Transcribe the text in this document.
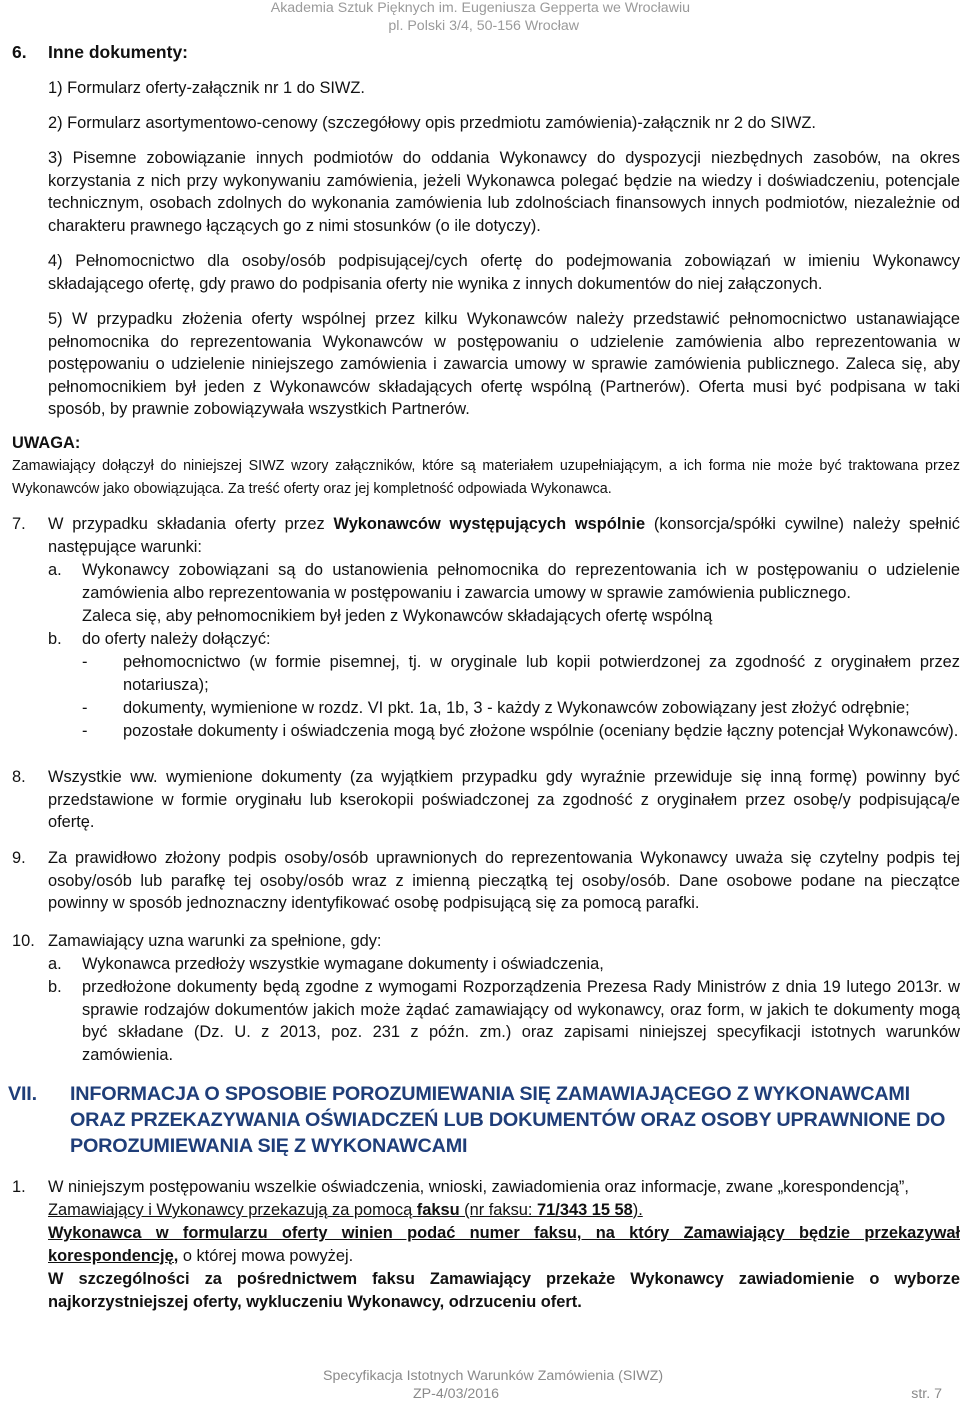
Akademia Sztuk Pięknych im. Eugeniusza Gepperta we Wrocławiu
pl. Polski 3/4, 50-156 Wrocław
6. Inne dokumenty:
1) Formularz oferty-załącznik nr 1 do SIWZ.
2) Formularz asortymentowo-cenowy (szczegółowy opis przedmiotu zamówienia)-załącznik nr 2 do SIWZ.
3) Pisemne zobowiązanie innych podmiotów do oddania Wykonawcy do dyspozycji niezbędnych zasobów, na okres korzystania z nich przy wykonywaniu zamówienia, jeżeli Wykonawca polegać będzie na wiedzy i doświadczeniu, potencjale technicznym, osobach zdolnych do wykonania zamówienia lub zdolnościach finansowych innych podmiotów, niezależnie od charakteru prawnego łączących go z nimi stosunków (o ile dotyczy).
4) Pełnomocnictwo dla osoby/osób podpisującej/cych ofertę do podejmowania zobowiązań w imieniu Wykonawcy składającego ofertę, gdy prawo do podpisania oferty nie wynika z innych dokumentów do niej załączonych.
5) W przypadku złożenia oferty wspólnej przez kilku Wykonawców należy przedstawić pełnomocnictwo ustanawiające pełnomocnika do reprezentowania Wykonawców w postępowaniu o udzielenie zamówienia albo reprezentowania w postępowaniu o udzielenie niniejszego zamówienia i zawarcia umowy w sprawie zamówienia publicznego. Zaleca się, aby pełnomocnikiem był jeden z Wykonawców składających ofertę wspólną (Partnerów). Oferta musi być podpisana w taki sposób, by prawnie zobowiązywała wszystkich Partnerów.
UWAGA:
Zamawiający dołączył do niniejszej SIWZ wzory załączników, które są materiałem uzupełniającym, a ich forma nie może być traktowana przez Wykonawców jako obowiązująca. Za treść oferty oraz jej kompletność odpowiada Wykonawca.
7. W przypadku składania oferty przez Wykonawców występujących wspólnie (konsorcja/spółki cywilne) należy spełnić następujące warunki:
a. Wykonawcy zobowiązani są do ustanowienia pełnomocnika do reprezentowania ich w postępowaniu o udzielenie zamówienia albo reprezentowania w postępowaniu i zawarcia umowy w sprawie zamówienia publicznego.
Zaleca się, aby pełnomocnikiem był jeden z Wykonawców składających ofertę wspólną
b. do oferty należy dołączyć:
-	pełnomocnictwo (w formie pisemnej, tj. w oryginale lub kopii potwierdzonej za zgodność z oryginałem przez notariusza);
-	dokumenty, wymienione w rozdz. VI pkt. 1a, 1b, 3 - każdy z Wykonawców zobowiązany jest złożyć odrębnie;
-	pozostałe dokumenty i oświadczenia mogą być złożone wspólnie (oceniany będzie łączny potencjał Wykonawców).
8. Wszystkie ww. wymienione dokumenty (za wyjątkiem przypadku gdy wyraźnie przewiduje się inną formę) powinny być przedstawione w formie oryginału lub kserokopii poświadczonej za zgodność z oryginałem przez osobę/y podpisującą/e ofertę.
9. Za prawidłowo złożony podpis osoby/osób uprawnionych do reprezentowania Wykonawcy uważa się czytelny podpis tej osoby/osób lub parafkę tej osoby/osób wraz z imienną pieczątką tej osoby/osób. Dane osobowe podane na pieczątce powinny w sposób jednoznaczny identyfikować osobę podpisującą się za pomocą parafki.
10. Zamawiający uzna warunki za spełnione, gdy:
a. Wykonawca przedłoży wszystkie wymagane dokumenty i oświadczenia,
b. przedłożone dokumenty będą zgodne z wymogami Rozporządzenia Prezesa Rady Ministrów z dnia 19 lutego 2013r. w sprawie rodzajów dokumentów jakich może żądać zamawiający od wykonawcy, oraz form, w jakich te dokumenty mogą być składane (Dz. U. z 2013, poz. 231 z późn. zm.) oraz zapisami niniejszej specyfikacji istotnych warunków zamówienia.
VII. INFORMACJA O SPOSOBIE POROZUMIEWANIA SIĘ ZAMAWIAJĄCEGO Z WYKONAWCAMI ORAZ PRZEKAZYWANIA OŚWIADCZEŃ LUB DOKUMENTÓW ORAZ OSOBY UPRAWNIONE DO POROZUMIEWANIA SIĘ Z WYKONAWCAMI
1. W niniejszym postępowaniu wszelkie oświadczenia, wnioski, zawiadomienia oraz informacje, zwane „korespondencją”,
Zamawiający i Wykonawcy przekazują za pomocą faksu (nr faksu: 71/343 15 58).
Wykonawca w formularzu oferty winien podać numer faksu, na który Zamawiający będzie przekazywał korespondencję, o której mowa powyżej.
W szczególności za pośrednictwem faksu Zamawiający przekaże Wykonawcy zawiadomienie o wyborze najkorzystniejszej oferty, wykluczeniu Wykonawcy, odrzuceniu ofert.
Specyfikacja Istotnych Warunków Zamówienia (SIWZ)
ZP-4/03/2016	str. 7
